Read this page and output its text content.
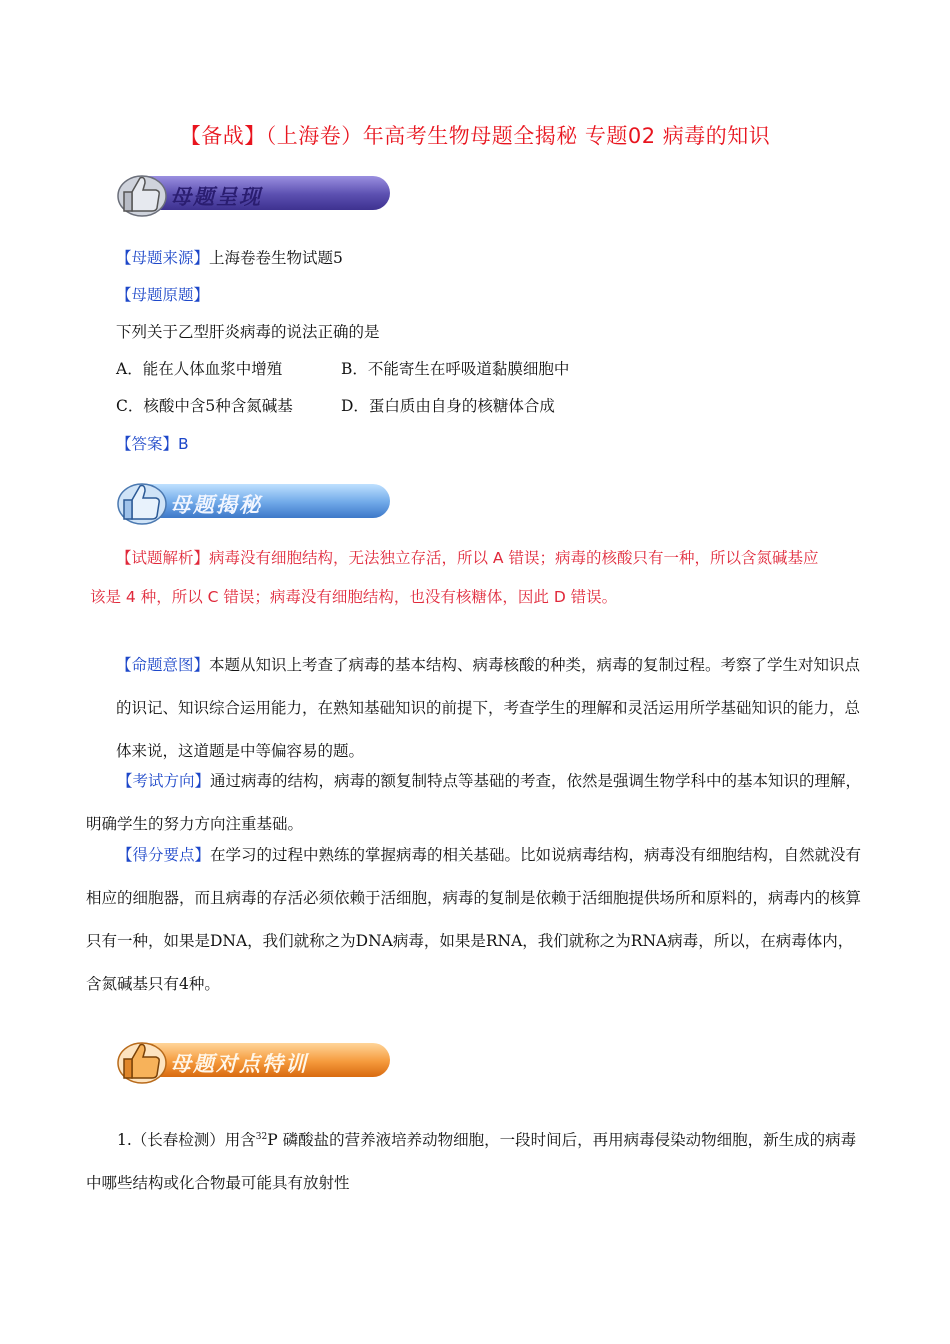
【备战】（上海卷）年高考生物母题全揭秘 专题02 病毒的知识
母题呈现
【母题来源】上海卷卷生物试题5
【母题原题】
下列关于乙型肝炎病毒的说法正确的是
A．能在人体血浆中增殖	B．不能寄生在呼吸道黏膜细胞中
C．核酸中含5种含氮碱基	D．蛋白质由自身的核糖体合成
【答案】B
母题揭秘
【试题解析】病毒没有细胞结构，无法独立存活，所以 A 错误；病毒的核酸只有一种，所以含氮碱基应
该是 4 种，所以 C 错误；病毒没有细胞结构，也没有核糖体，因此 D 错误。
【命题意图】本题从知识上考查了病毒的基本结构、病毒核酸的种类，病毒的复制过程。考察了学生对知识点的识记、知识综合运用能力，在熟知基础知识的前提下，考查学生的理解和灵活运用所学基础知识的能力，总体来说，这道题是中等偏容易的题。
【考试方向】通过病毒的结构，病毒的额复制特点等基础的考查，依然是强调生物学科中的基本知识的理解，明确学生的努力方向注重基础。
【得分要点】在学习的过程中熟练的掌握病毒的相关基础。比如说病毒结构，病毒没有细胞结构，自然就没有相应的细胞器，而且病毒的存活必须依赖于活细胞，病毒的复制是依赖于活细胞提供场所和原料的，病毒内的核算只有一种，如果是DNA，我们就称之为DNA病毒，如果是RNA，我们就称之为RNA病毒，所以，在病毒体内，含氮碱基只有4种。
母题对点特训
1.（长春检测）用含$^{32}$P 磷酸盐的营养液培养动物细胞，一段时间后，再用病毒侵染动物细胞，新生成的病毒中哪些结构或化合物最可能具有放射性
